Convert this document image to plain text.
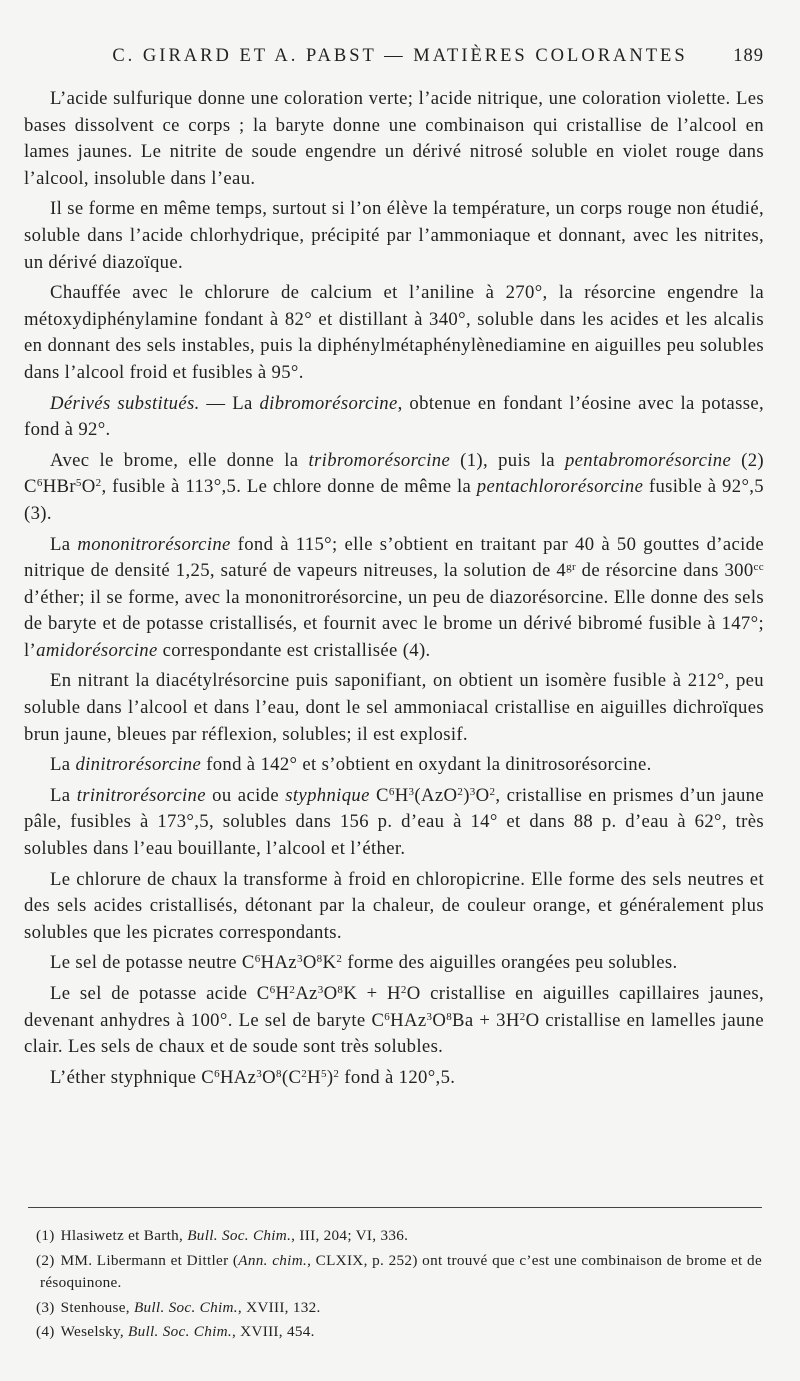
C. GIRARD ET A. PABST — MATIÈRES COLORANTES	189

L’acide sulfurique donne une coloration verte; l’acide nitrique, une coloration violette. Les bases dissolvent ce corps ; la baryte donne une combinaison qui cristallise de l’alcool en lames jaunes. Le nitrite de soude engendre un dérivé nitrosé soluble en violet rouge dans l’alcool, insoluble dans l’eau.

Il se forme en même temps, surtout si l’on élève la température, un corps rouge non étudié, soluble dans l’acide chlorhydrique, précipité par l’ammoniaque et donnant, avec les nitrites, un dérivé diazoïque.

Chauffée avec le chlorure de calcium et l’aniline à 270°, la résorcine engendre la métoxydiphénylamine fondant à 82° et distillant à 340°, soluble dans les acides et les alcalis en donnant des sels instables, puis la diphénylmétaphénylènediamine en aiguilles peu solubles dans l’alcool froid et fusibles à 95°.

Dérivés substitués. — La dibromorésorcine, obtenue en fondant l’éosine avec la potasse, fond à 92°.

Avec le brome, elle donne la tribromorésorcine (1), puis la pentabromorésorcine (2) $C^6HBr^5O^2$, fusible à 113°,5. Le chlore donne de même la pentachlororésorcine fusible à 92°,5 (3).

La mononitrorésorcine fond à 115°; elle s’obtient en traitant par 40 à 50 gouttes d’acide nitrique de densité 1,25, saturé de vapeurs nitreuses, la solution de $4^{gr}$ de résorcine dans $300^{cc}$ d’éther; il se forme, avec la mononitrorésorcine, un peu de diazorésorcine. Elle donne des sels de baryte et de potasse cristallisés, et fournit avec le brome un dérivé bibromé fusible à 147°; l’amidorésorcine correspondante est cristallisée (4).

En nitrant la diacétylrésorcine puis saponifiant, on obtient un isomère fusible à 212°, peu soluble dans l’alcool et dans l’eau, dont le sel ammoniacal cristallise en aiguilles dichroïques brun jaune, bleues par réflexion, solubles; il est explosif.

La dinitrorésorcine fond à 142° et s’obtient en oxydant la dinitrosorésorcine.

La trinitrorésorcine ou acide styphnique $C^6H^3(AzO^2)^3O^2$, cristallise en prismes d’un jaune pâle, fusibles à 173°,5, solubles dans 156 p. d’eau à 14° et dans 88 p. d’eau à 62°, très solubles dans l’eau bouillante, l’alcool et l’éther.

Le chlorure de chaux la transforme à froid en chloropicrine. Elle forme des sels neutres et des sels acides cristallisés, détonant par la chaleur, de couleur orange, et généralement plus solubles que les picrates correspondants.

Le sel de potasse neutre $C^6HAz^3O^8K^2$ forme des aiguilles orangées peu solubles.

Le sel de potasse acide $C^6H^2Az^3O^8K + H^2O$ cristallise en aiguilles capillaires jaunes, devenant anhydres à 100°. Le sel de baryte $C^6HAz^3O^8Ba + 3H^2O$ cristallise en lamelles jaune clair. Les sels de chaux et de soude sont très solubles.

L’éther styphnique $C^6HAz^3O^8(C^2H^5)^2$ fond à 120°,5.

(1) Hlasiwetz et Barth, Bull. Soc. Chim., III, 204; VI, 336.

(2) MM. Libermann et Dittler (Ann. chim., CLXIX, p. 252) ont trouvé que c’est une combinaison de brome et de résoquinone.

(3) Stenhouse, Bull. Soc. Chim., XVIII, 132.

(4) Weselsky, Bull. Soc. Chim., XVIII, 454.
